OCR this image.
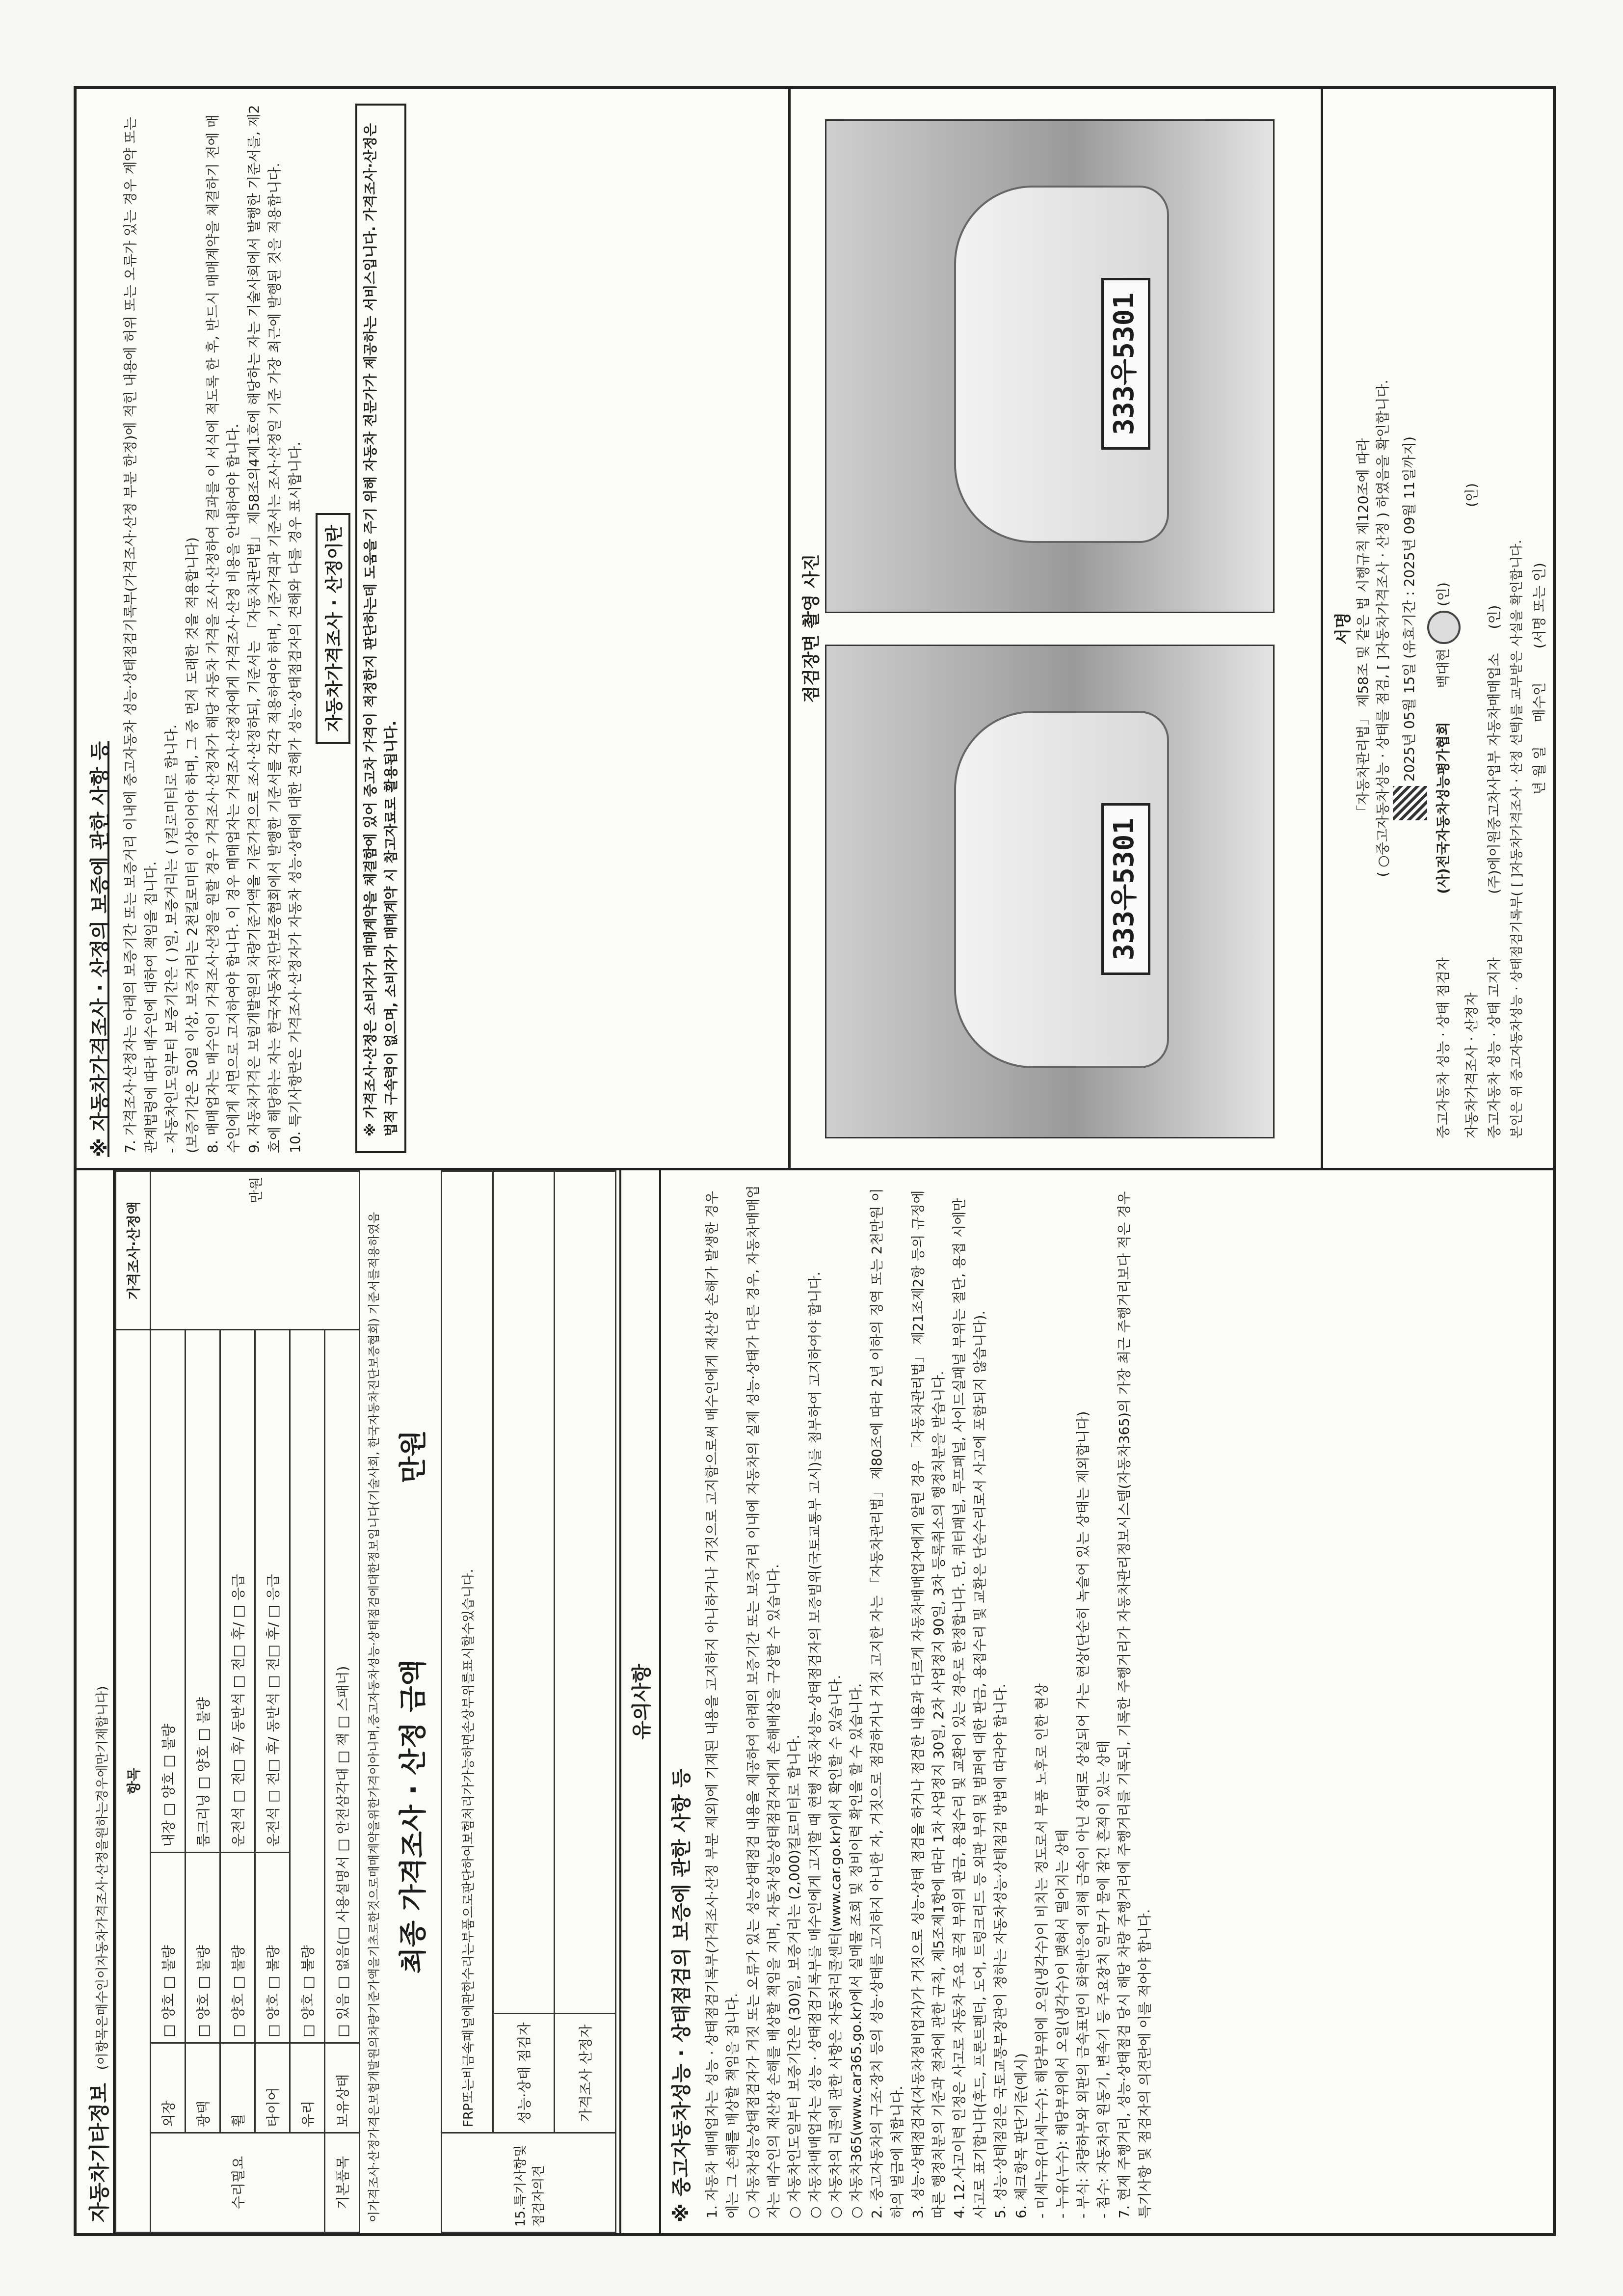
자동차기타정보 (이항목은매수인이자동차가격조사·산정을원하는경우에만기재합니다)	항목				가격조사·산정액
수리필요	외장	□ 양호 □ 불량	내장 □ 양호 □ 불량	만원
	광택	□ 양호 □ 불량	룸크리닝 □ 양호 □ 불량	
	휠	□ 양호 □ 불량	운전석 □ 전□ 후/ 동반석 □ 전□ 후/ □ 응급	
	타이어	□ 양호 □ 불량	운전석 □ 전□ 후/ 동반석 □ 전□ 후/ □ 응급	
	유리	□ 양호 □ 불량		
기본품목	보유상태	□ 있음 □ 없음(□ 사용설명서 □ 안전삼각대 □ 잭 □ 스패너)			이가격조사·산정가격은보험개발원의차량기준가액을기초로한것으로매매계약을위한가격이아니며,중고자동차성능·상태점검에대한정보입니다(기술사회, 한국자동차진단보증협회) 기준서를적용하였음 최종 가격조사 · 산정 금액  만원
15.특기사항및 점검자의견	FRP또는비금속패널에관한수리는부품으로판단하여보험처리가가능하면손상부위를표시할수있습니다.	
	성능·상태 점검자	
	가격조사 산정자	
유의사항
※ 중고자동차성능 · 상태점검의 보증에 관한 사항 등 1. 자동차 매매업자는 성능 · 상태점검기록부(가격조사·산정 부분 제외)에 기재된 내용을 고지하지 아니하거나 거짓으로 고지함으로써 매수인에게 재산상 손해가 발생한 경우에는 그 손해를 배상할 책임을 집니다. ○ 자동차성능상태점검자가 거짓 또는 오류가 있는 성능상태점검 내용을 제공하여 아래의 보증기간 또는 보증거리 이내에 자동차의 실제 성능·상태가 다른 경우, 자동차매매업자는 매수인의 재산상 손해를 배상할 책임을 지며, 자동차성능상태점검자에게 손해배상을 구상할 수 있습니다. ○ 자동차인도일부터 보증기간은 (30)일, 보증거리는 (2,000)킬로미터로 합니다. ○ 자동차매매업자는 성능 · 상태점검기록부를 매수인에게 고지할 때 현행 자동차성능·상태점검자의 보증범위(국토교통부 고시)를 첨부하여 고지하여야 합니다. ○ 자동차의 리콜에 관한 사항은 자동차리콜센터(www.car.go.kr)에서 확인할 수 있습니다. ○ 자동차365(www.car365.go.kr)에서 실매물 조회 및 정비이력 확인을 할 수 있습니다. 2. 중고자동차의 구조·장치 등의 성능·상태를 고지하지 아니한 자, 거짓으로 점검하거나 거짓 고지한 자는 「자동차관리법」 제80조에 따라 2년 이하의 징역 또는 2천만원 이하의 벌금에 처합니다. 3. 성능·상태점검자(자동차정비업자)가 거짓으로 성능·상태 점검을 하거나 점검한 내용과 다르게 자동차매매업자에게 알린 경우 「자동차관리법」 제21조제2항 등의 규정에 따른 행정처분의 기준과 절차에 관한 규칙, 제5조제1항에 따라 1차 사업정지 30일, 2차 사업정지 90일, 3차 등록취소의 행정처분을 받습니다. 4. 12.사고이력 인정은 사고로 자동차 주요 골격 부위의 판금, 용접수리 및 교환이 있는 경우로 한정합니다. 단, 쿼터패널, 루프패널, 사이드실패널 부위는 절단, 용접 시에만 사고로 표기합니다(후드, 프론트펜더, 도어, 트렁크리드 등 외판 부위 및 범퍼에 대한 판금, 용접수리 및 교환은 단순수리로서 사고에 포함되지 않습니다). 5. 성능·상태점검은 국토교통부장관이 정하는 자동차성능·상태점검 방법에 따라야 합니다. 6. 체크항목 판단기준(예시) - 미세누유(미세누수): 해당부위에 오일(냉각수)이 비치는 정도로서 부품 노후로 인한 현상 - 누유(누수): 해당부위에서 오일(냉각수)이 맺혀서 떨어지는 상태 - 부식: 차량하부와 외판의 금속표면이 화학반응에 의해 금속이 아닌 상태로 상실되어 가는 현상(단순히 녹슬어 있는 상태는 제외합니다) - 침수: 자동차의 원동기, 변속기 등 주요장치 일부가 물에 잠긴 흔적이 있는 상태 7. 현재 주행거리, 성능·상태점검 당시 해당 차량 주행거리에 주행거리를 기록되, 기록한 주행거리가 자동차관리정보시스템(자동차365)의 가장 최근 주행거리보다 적은 경우 특기사항 및 점검자의 의견란에 이를 적어야 합니다.
※ 자동차가격조사 · 산정의 보증에 관한 사항 등 7. 가격조사·산정자는 아래의 보증기간 또는 보증거리 이내에 중고자동차 성능·상태점검기록부(가격조사·산정 부분 한정)에 적힌 내용에 허위 또는 오류가 있는 경우 계약 또는 관계법령에 따라 매수인에 대하여 책임을 집니다. - 자동차인도일부터 보증기간은 ( )일, 보증거리는 ( )킬로미터로 합니다. (보증기간은 30일 이상, 보증거리는 2천킬로미터 이상이어야 하며, 그 중 먼저 도래한 것을 적용합니다) 8. 매매업자는 매수인이 가격조사·산정을 원할 경우 가격조사·산정자가 해당 자동차 가격을 조사·산정하여 결과를 이 서식에 적도록 한 후, 반드시 매매계약을 체결하기 전에 매수인에게 서면으로 고지하여야 합니다. 이 경우 매매업자는 가격조사·산정자에게 가격조사·산정 비용을 안내하여야 합니다. 9. 자동차가격은 보험개발원의 차량기준가액을 기준가격으로 조사·산정하되, 기준서는 「자동차관리법」 제58조의4제1호에 해당하는 자는 기술사회에서 발행한 기준서를, 제2호에 해당하는 자는 한국자동차진단보증협회에서 발행한 기준서를 각각 적용하여야 하며, 기준가격과 기준서는 조사·산정일 기준 가장 최근에 발행된 것을 적용합니다. 10. 특기사항란은 가격조사·산정자가 자동차 성능·상태에 대한 견해가 성능·상태점검자의 견해와 다를 경우 표시합니다.	자동차가격조사 · 산정이란	※ 가격조사·산정은 소비자가 매매계약을 체결함에 있어 중고차 가격이 적정한지 판단하는데 도움을 주기 위해 자동차 전문가가 제공하는 서비스입니다. 가격조사·산정은 법적 구속력이 없으며, 소비자가 매매계약 시 참고자료로 활용됩니다.
점검장면 촬영 사진
333우5301
333우5301
서명 「자동차관리법」 제58조 및 같은 법 시행규칙 제120조에 따라 ( ○중고자동차성능 · 상태를 점검, [ ]자동차가격조사 · 산정 ) 하였음을 확인합니다. 2025년 05월 15일 (유효기간 : 2025년 09월 11일까지)
중고자동차 성능 · 상태 점검자 (사)전국자동차성능평가협회 백대현  (인)
자동차가격조사 · 산정자 (인)
중고자동차 성능 · 상태 고지자 (주)에이원중고차사업부 자동차매매업소 (인) 본인은 위 중고자동차성능 · 상태점검기록부( [ ]자동차가격조사 · 산정 선택)를 교부받은 사실을 확인합니다. 년 월 일 매수인 (서명 또는 인)
